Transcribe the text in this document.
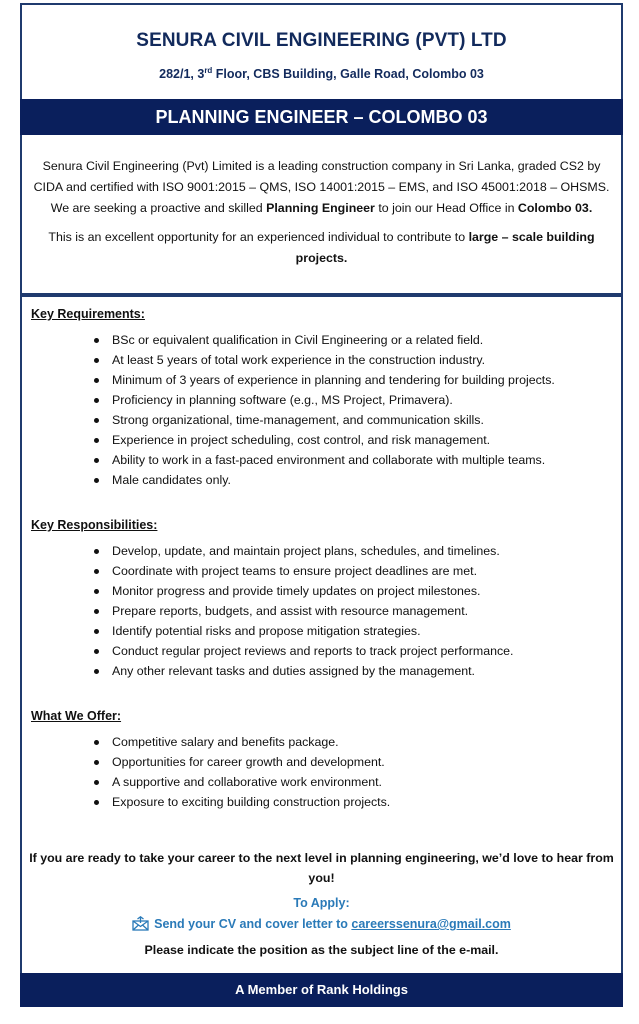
SENURA CIVIL ENGINEERING (PVT) LTD
282/1, 3rd Floor, CBS Building, Galle Road, Colombo 03
PLANNING ENGINEER – COLOMBO 03

Senura Civil Engineering (Pvt) Limited is a leading construction company in Sri Lanka, graded CS2 by CIDA and certified with ISO 9001:2015 – QMS, ISO 14001:2015 – EMS, and ISO 45001:2018 – OHSMS. We are seeking a proactive and skilled Planning Engineer to join our Head Office in Colombo 03.

This is an excellent opportunity for an experienced individual to contribute to large – scale building projects.

Key Requirements:
BSc or equivalent qualification in Civil Engineering or a related field.
At least 5 years of total work experience in the construction industry.
Minimum of 3 years of experience in planning and tendering for building projects.
Proficiency in planning software (e.g., MS Project, Primavera).
Strong organizational, time-management, and communication skills.
Experience in project scheduling, cost control, and risk management.
Ability to work in a fast-paced environment and collaborate with multiple teams.
Male candidates only.
Key Responsibilities:
Develop, update, and maintain project plans, schedules, and timelines.
Coordinate with project teams to ensure project deadlines are met.
Monitor progress and provide timely updates on project milestones.
Prepare reports, budgets, and assist with resource management.
Identify potential risks and propose mitigation strategies.
Conduct regular project reviews and reports to track project performance.
Any other relevant tasks and duties assigned by the management.
What We Offer:
Competitive salary and benefits package.
Opportunities for career growth and development.
A supportive and collaborative work environment.
Exposure to exciting building construction projects.
If you are ready to take your career to the next level in planning engineering, we’d love to hear from you!
To Apply:
Send your CV and cover letter to careerssenura@gmail.com
Please indicate the position as the subject line of the e-mail.
A Member of Rank Holdings
